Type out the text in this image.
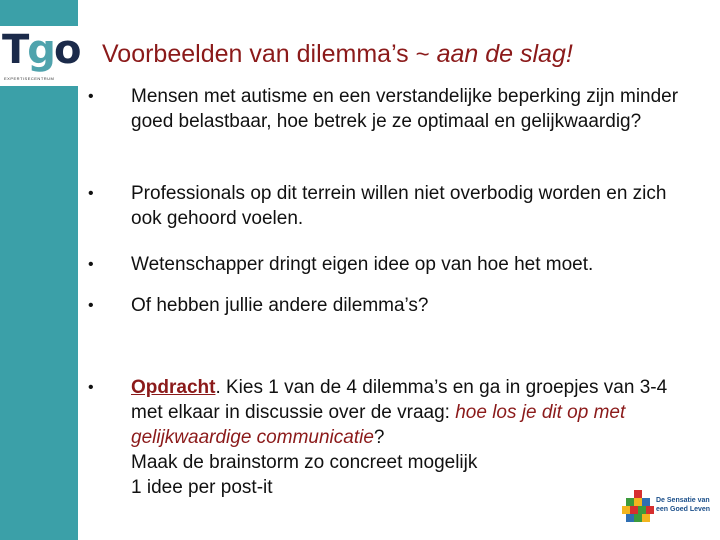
Tgo
EXPERTISECENTRUM
Voorbeelden van dilemma’s ~ aan de slag!
•	Mensen met autisme en een verstandelijke beperking zijn minder goed belastbaar, hoe betrek je ze optimaal en gelijkwaardig?
•	Professionals op dit terrein willen niet overbodig worden en zich ook gehoord voelen.
•	Wetenschapper dringt eigen idee op van hoe het moet.
•	Of hebben jullie andere dilemma’s?
•	Opdracht. Kies 1 van de 4 dilemma’s en ga in groepjes van 3-4 met elkaar in discussie over de vraag: hoe los je dit op met gelijkwaardige communicatie?
Maak de brainstorm zo concreet mogelijk
1 idee per post-it
De Sensatie van
een Goed Leven
